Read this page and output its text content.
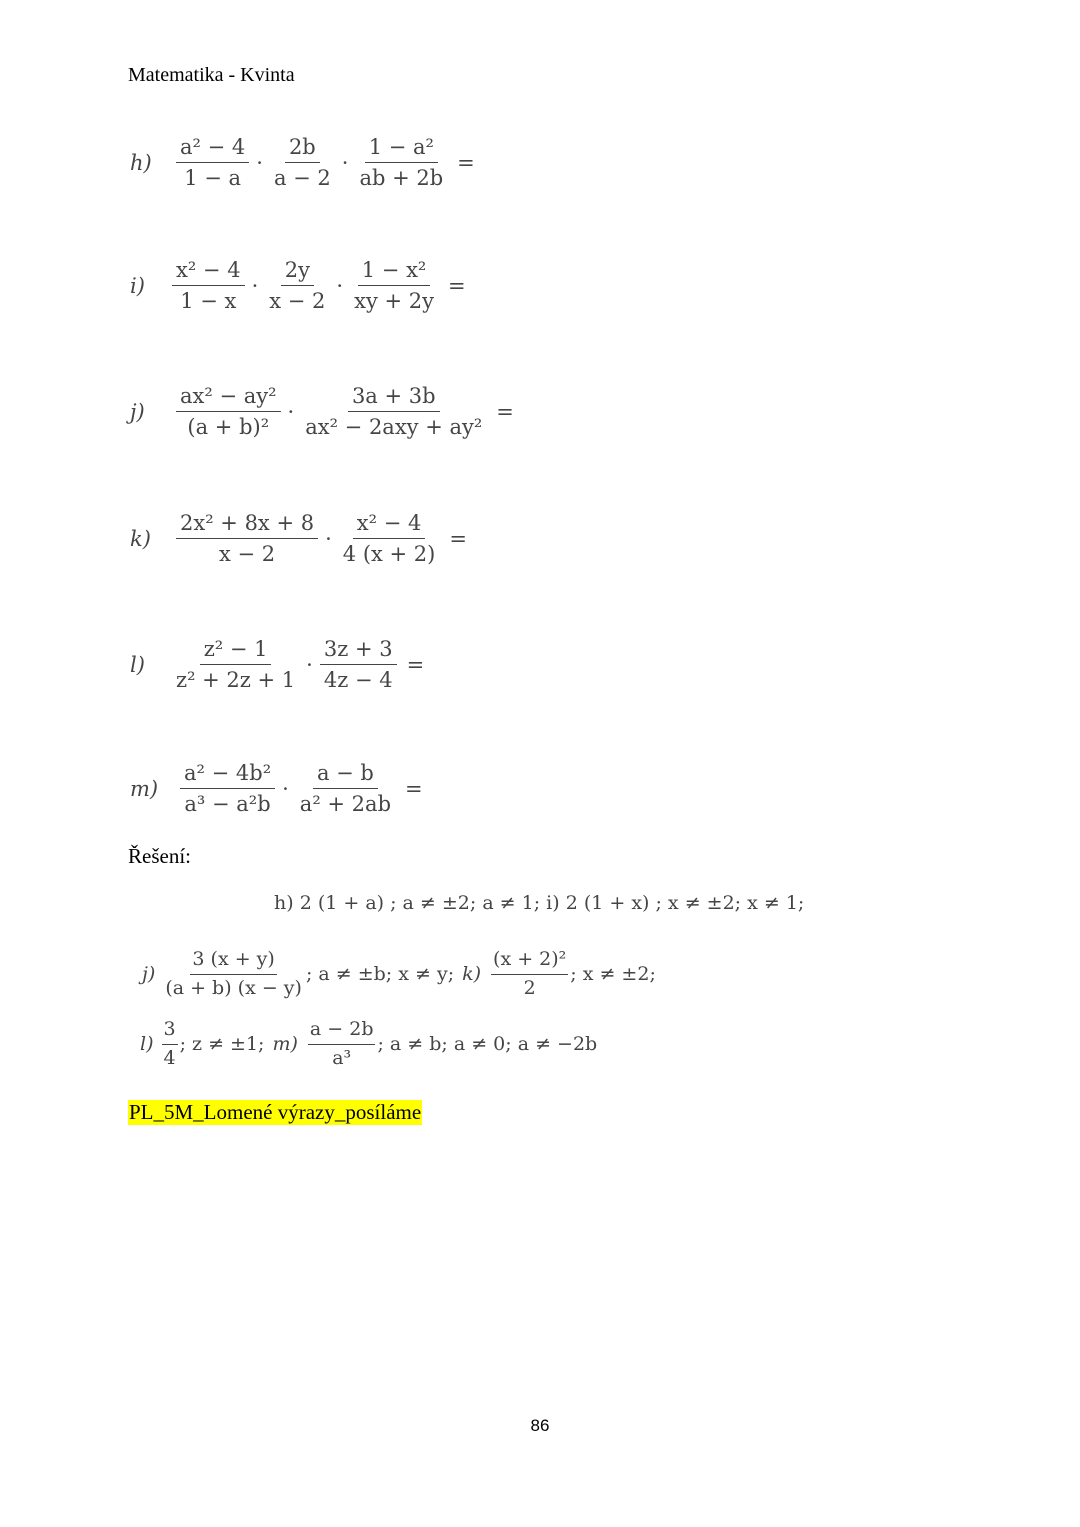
Matematika - Kvinta
h)	$\frac{\text{a² − 4}}{1 - a} \cdot \frac{2b}{a - 2} \cdot \frac{\text{1 − a²}}{ab + 2b}$ =
i)	$\frac{\text{x² − 4}}{1 - x} \cdot \frac{2y}{x - 2} \cdot \frac{\text{1 − x²}}{xy + 2y}$ =
j)	$\frac{\text{ax² − ay²}}{\text{(a + b)²}} \cdot \frac{3a + 3b}{\text{ax² − 2axy + ay²}}$ =
k)	$\frac{\text{2x² + 8x + 8}}{x - 2} \cdot \frac{\text{x² − 4}}{4 (x + 2)}$ =
l)	$\frac{\text{z² − 1}}{\text{z² + 2z + 1}} \cdot \frac{3z + 3}{4z - 4}$ =
m)	$\frac{\text{a² − 4b²}}{\text{a³ − a²b}} \cdot \frac{a - b}{\text{a² + 2ab}}$ =
Řešení:
h) 2 (1 + a) ; a ≠ ±2; a ≠ 1; i) 2 (1 + x) ; x ≠ ±2; x ≠ 1;
$j) \frac{3 (x + y)}{(a + b) (x - y)}$ ; a ≠ ±b; x ≠ y; $k) \frac{\text{(x + 2)²}}{2}$ ; x ≠ ±2;
$l) \frac{3}{4}$ ; z ≠ ±1; $m) \frac{a - 2b}{\text{a³}}$ ; a ≠ b; a ≠ 0; a ≠ −2b
PL_5M_Lomené výrazy_posíláme
86
